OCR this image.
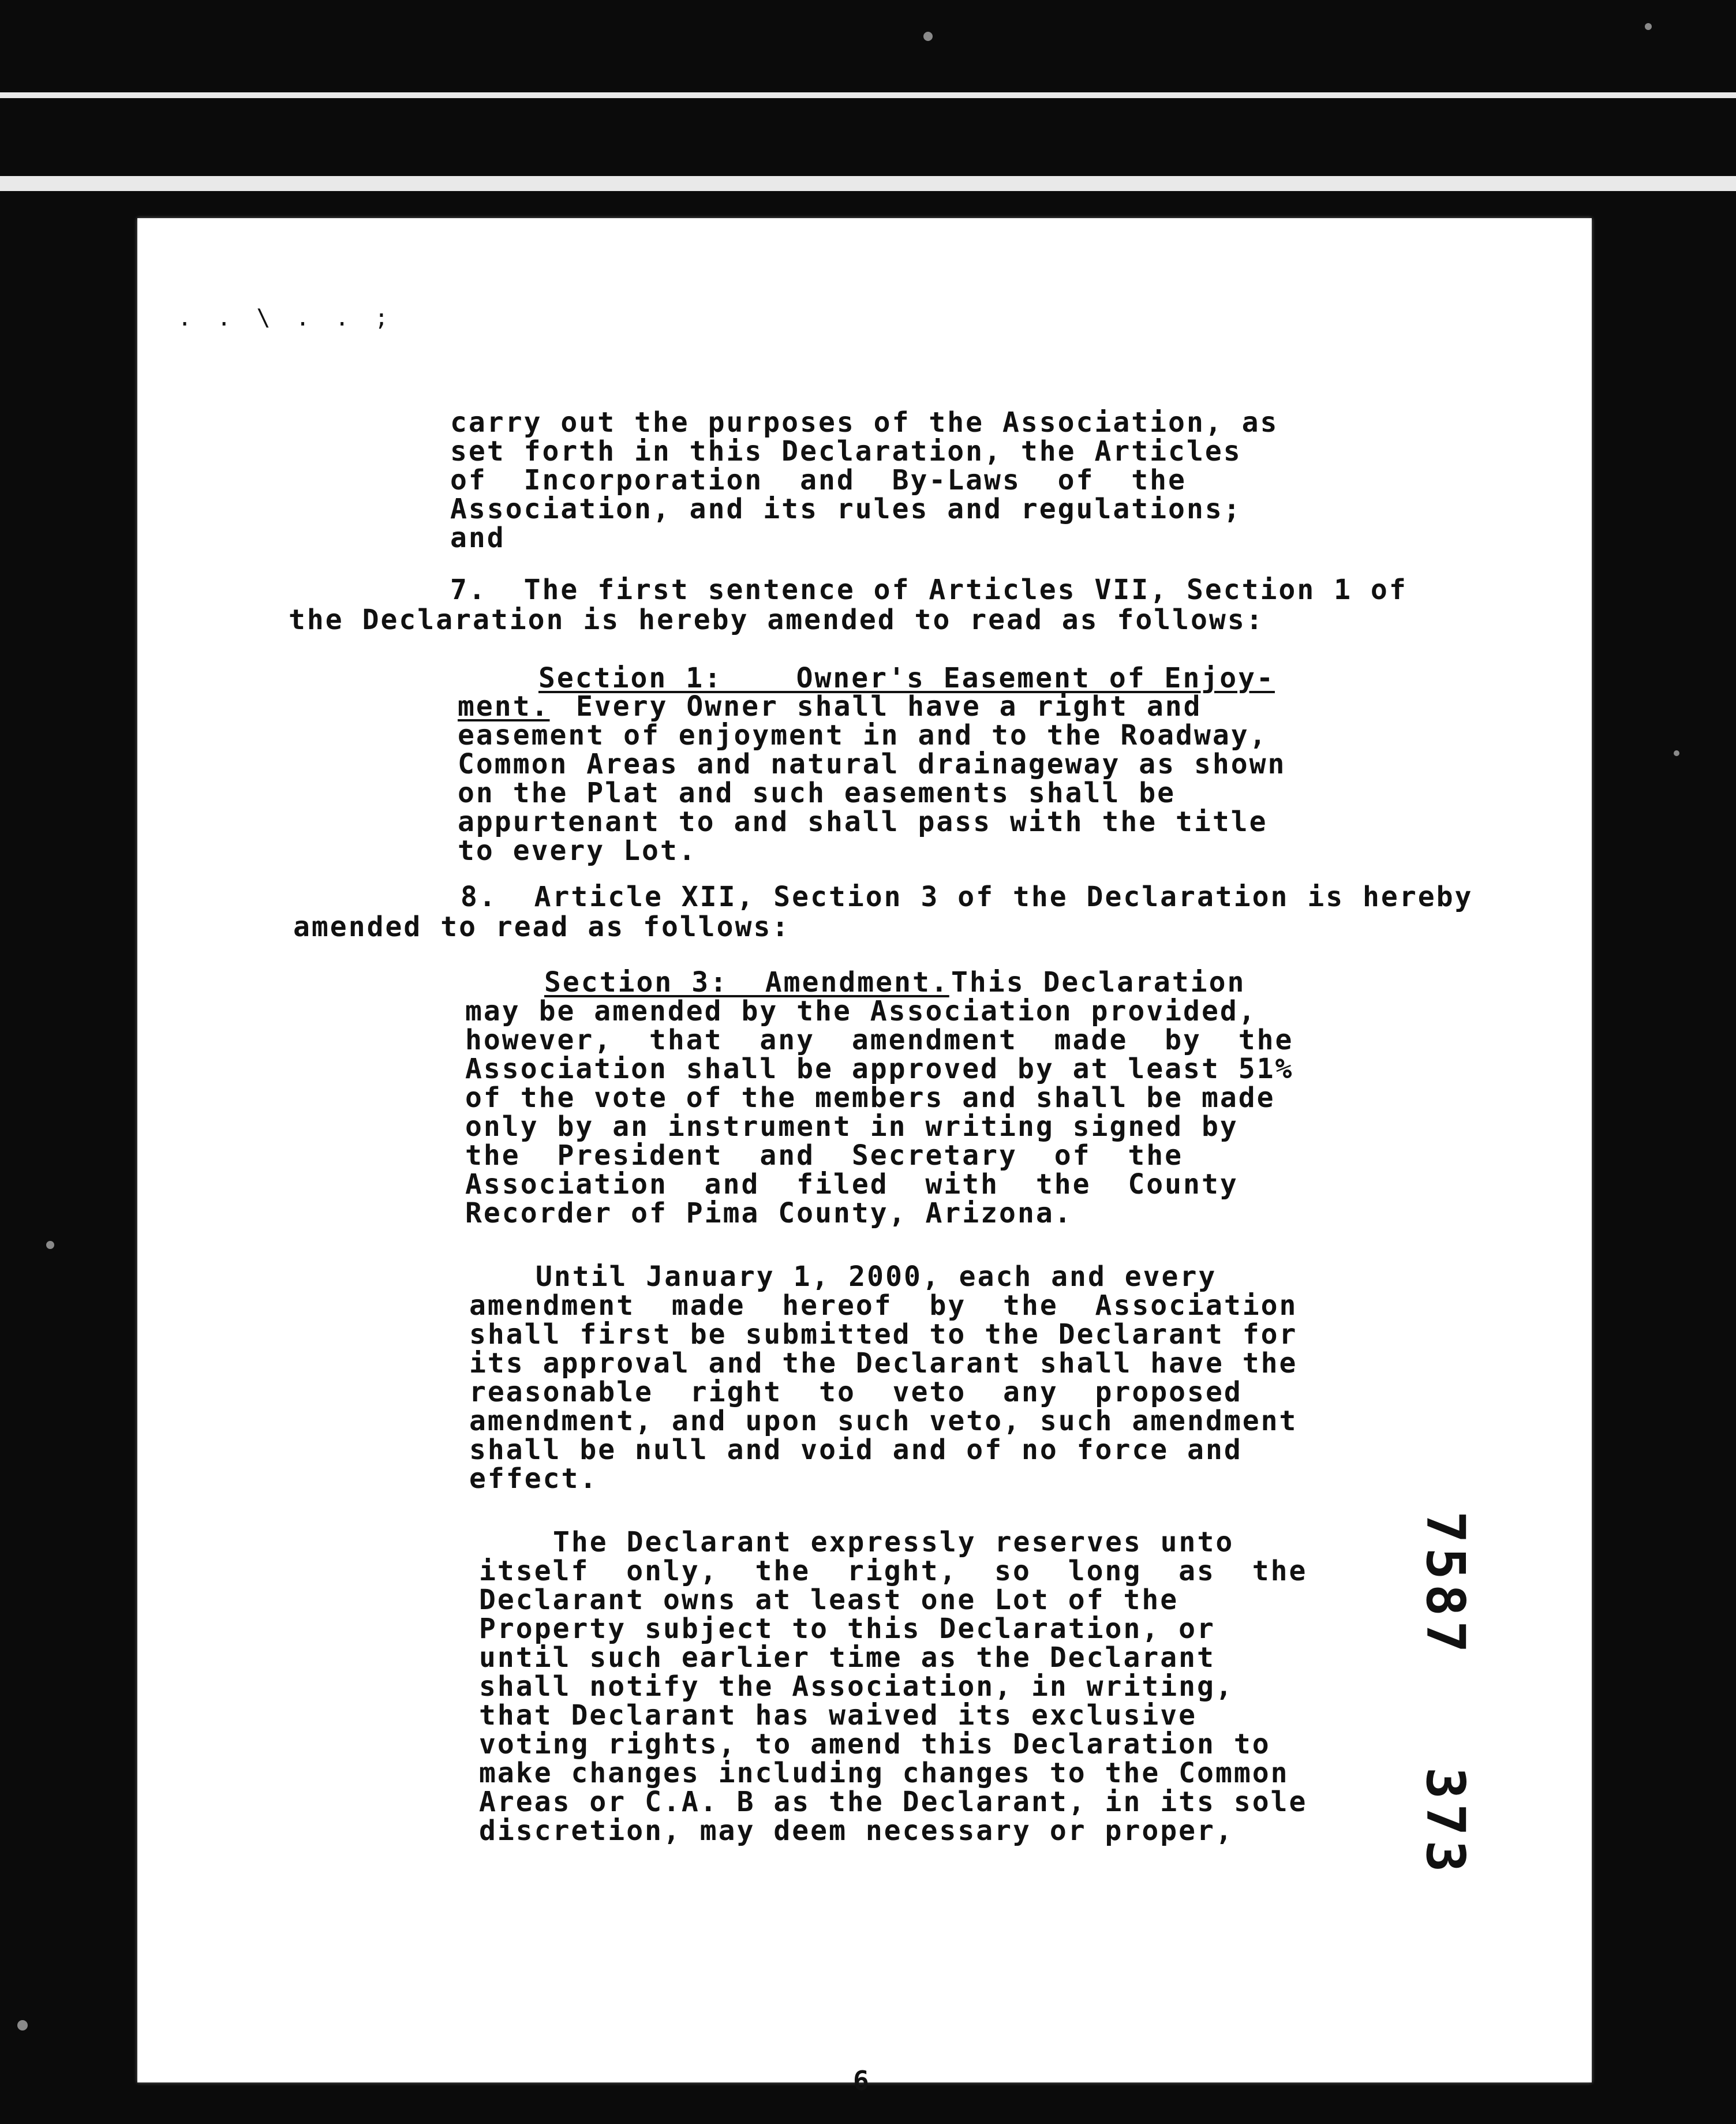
. . \ . . ;
carry out the purposes of the Association, as
set forth in this Declaration, the Articles
of  Incorporation  and  By-Laws  of  the
Association, and its rules and regulations;
and
7.  The first sentence of Articles VII, Section 1 of
the Declaration is hereby amended to read as follows:
Section 1:    Owner's Easement of Enjoy-
ment. Every Owner shall have a right and
easement of enjoyment in and to the Roadway,
Common Areas and natural drainageway as shown
on the Plat and such easements shall be
appurtenant to and shall pass with the title
to every Lot.
8.  Article XII, Section 3 of the Declaration is hereby
amended to read as follows:
Section 3:  Amendment. This Declaration
may be amended by the Association provided,
however,  that  any  amendment  made  by  the
Association shall be approved by at least 51%
of the vote of the members and shall be made
only by an instrument in writing signed by
the  President  and  Secretary  of  the
Association  and  filed  with  the  County
Recorder of Pima County, Arizona.
Until January 1, 2000, each and every
amendment  made  hereof  by  the  Association
shall first be submitted to the Declarant for
its approval and the Declarant shall have the
reasonable  right  to  veto  any  proposed
amendment, and upon such veto, such amendment
shall be null and void and of no force and
effect.
The Declarant expressly reserves unto
itself  only,  the  right,  so  long  as  the
Declarant owns at least one Lot of the
Property subject to this Declaration, or
until such earlier time as the Declarant
shall notify the Association, in writing,
that Declarant has waived its exclusive
voting rights, to amend this Declaration to
make changes including changes to the Common
Areas or C.A. B as the Declarant, in its sole
discretion, may deem necessary or proper,
6
7587   373
